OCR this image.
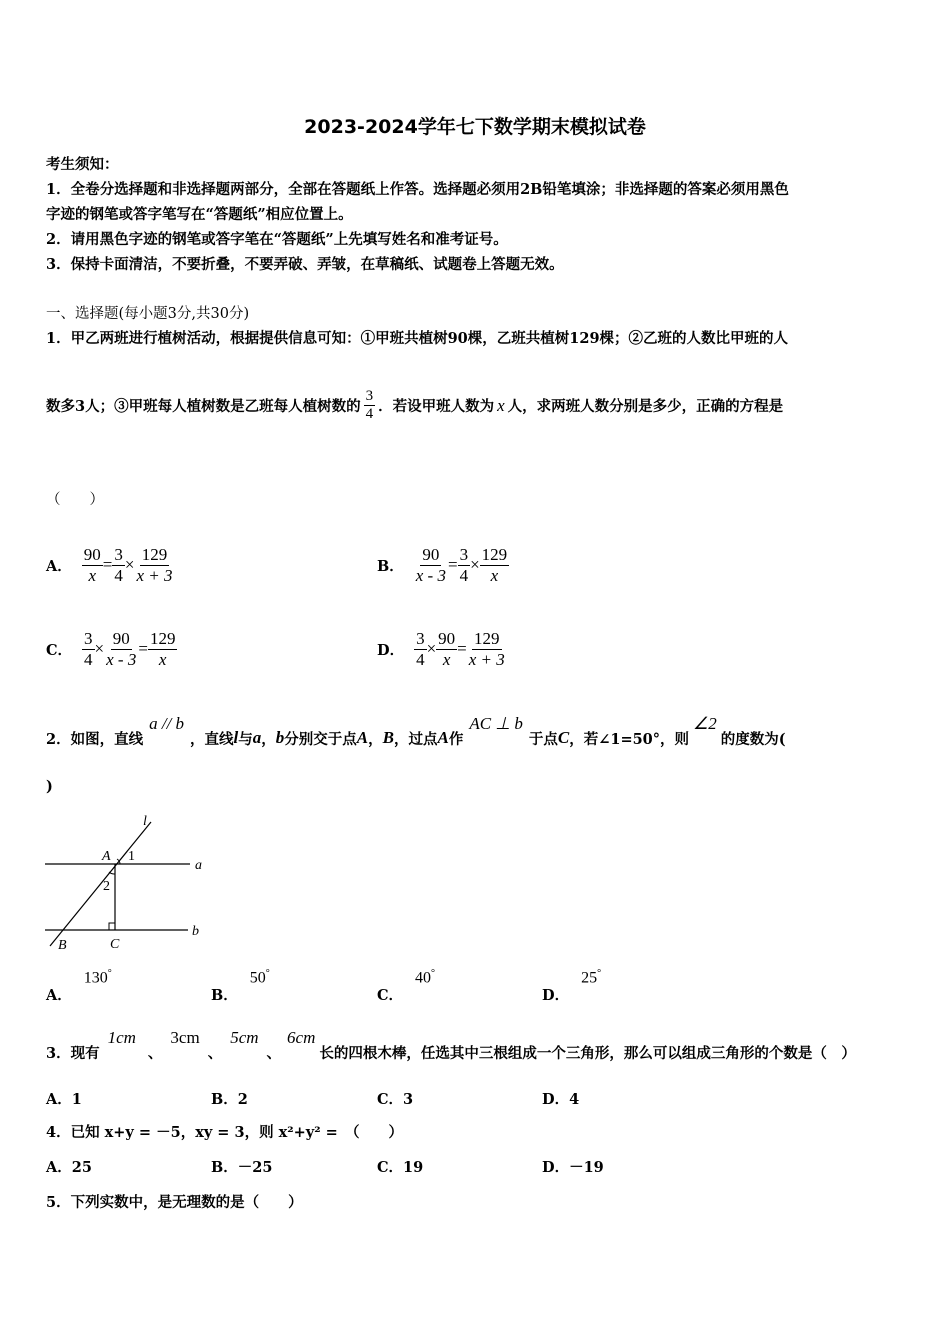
2023-2024学年七下数学期末模拟试卷
考生须知：
1．全卷分选择题和非选择题两部分，全部在答题纸上作答。选择题必须用2B铅笔填涂；非选择题的答案必须用黑色
字迹的钢笔或答字笔写在“答题纸”相应位置上。
2．请用黑色字迹的钢笔或答字笔在“答题纸”上先填写姓名和准考证号。
3．保持卡面清洁，不要折叠，不要弄破、弄皱，在草稿纸、试题卷上答题无效。
一、选择题(每小题3分,共30分)
1．甲乙两班进行植树活动，根据提供信息可知：①甲班共植树90棵，乙班共植树129棵；②乙班的人数比甲班的人
数多3人；③甲班每人植树数是乙班每人植树数的 $\frac{3}{4}$ ．若设甲班人数为 x 人，求两班人数分别是多少，正确的方程是
（　　）
A． $\frac{90}{x} = \frac{3}{4} \times \frac{129}{x + 3}$	B． $\frac{90}{x - 3} = \frac{3}{4} \times \frac{129}{x}$
C． $\frac{3}{4} \times \frac{90}{x - 3} = \frac{129}{x}$	D． $\frac{3}{4} \times \frac{90}{x} = \frac{129}{x + 3}$
2．如图，直线
a // b
，直线 l 与 a ， b 分别交于点 A ， B ，过点 A 作
AC ⊥ b
于点 C ，若∠1=50°，则
∠2
的度数为(
)
l
A 1
a
2
B	C
b
A．
130°
B．
50°
C．
40°
D．
25°
3．现有
1cm
、
3cm
、
5cm
、
6cm
长的四根木棒，任选其中三根组成一个三角形，那么可以组成三角形的个数是（　）
A．1	B．2	C．3	D．4
4．已知 x+y = －5，xy = 3，则 x²+y² =　（　　）
A．25	B．－25	C．19	D．－19
5．下列实数中，是无理数的是（　　）
